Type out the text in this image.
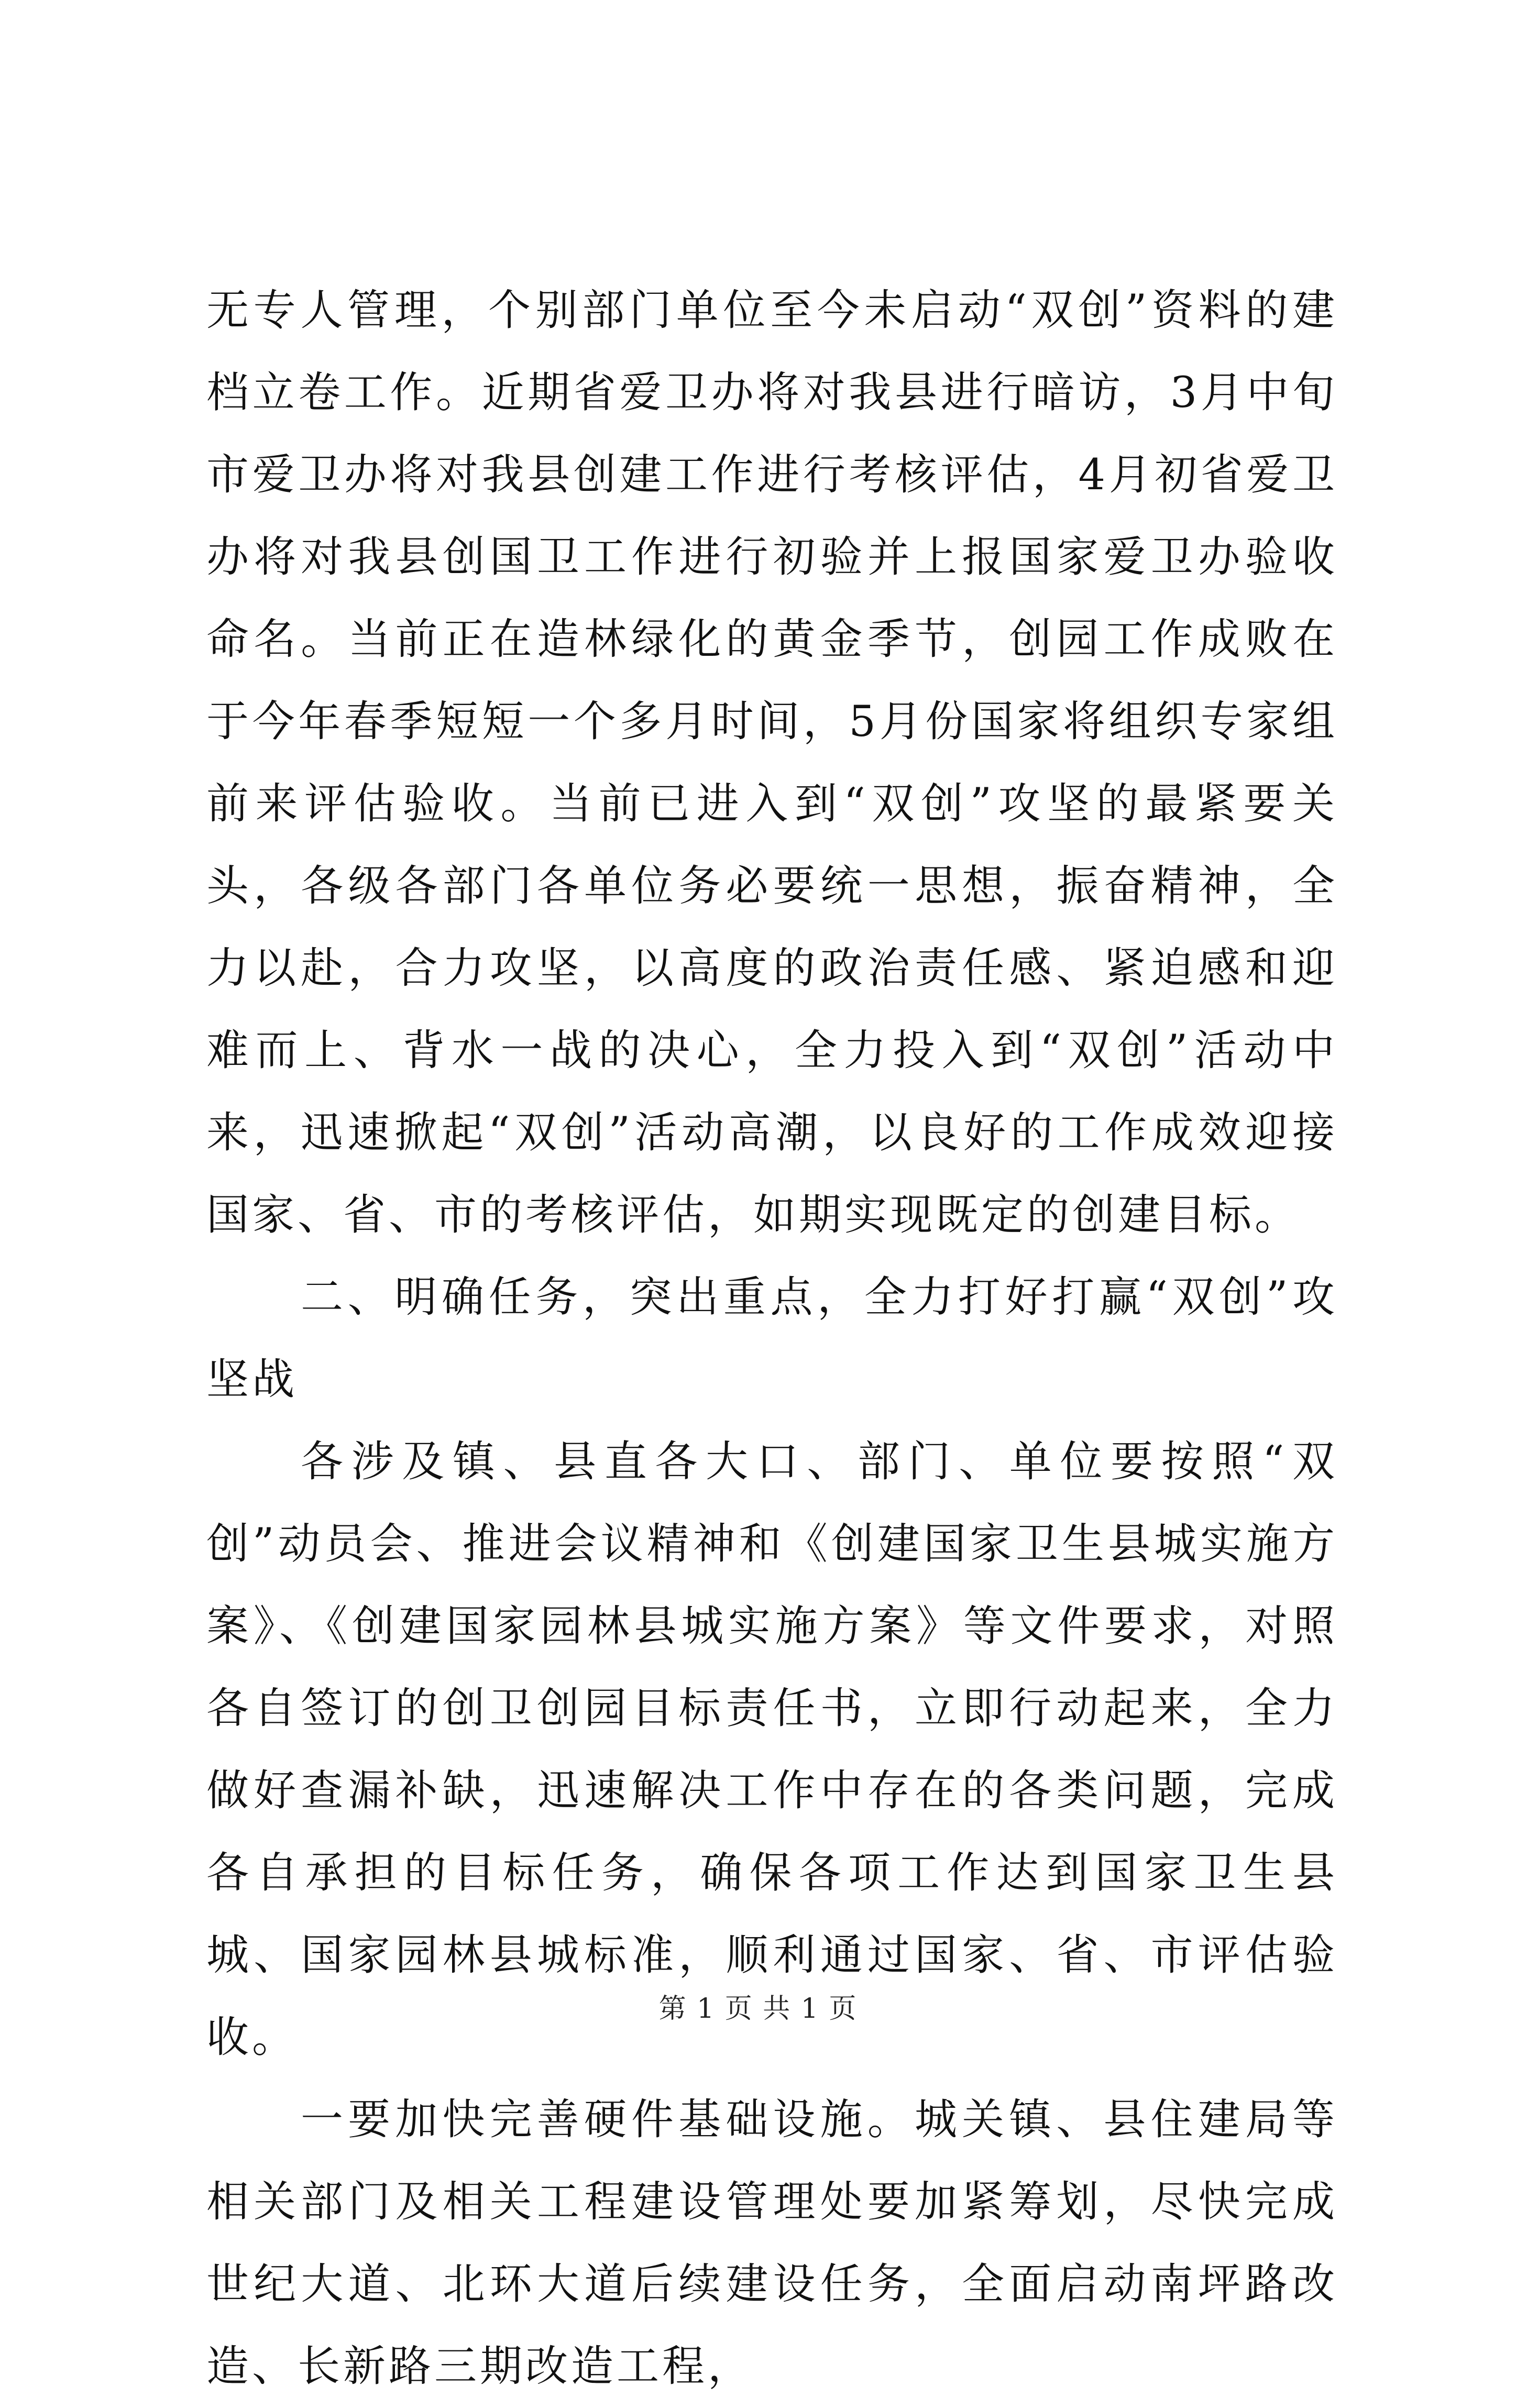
无专人管理，个别部门单位至今未启动“双创”资料的建档立卷工作。近期省爱卫办将对我县进行暗访，3月中旬市爱卫办将对我县创建工作进行考核评估，4月初省爱卫办将对我县创国卫工作进行初验并上报国家爱卫办验收命名。当前正在造林绿化的黄金季节，创园工作成败在于今年春季短短一个多月时间，5月份国家将组织专家组前来评估验收。当前已进入到“双创”攻坚的最紧要关头，各级各部门各单位务必要统一思想，振奋精神，全力以赴，合力攻坚，以高度的政治责任感、紧迫感和迎难而上、背水一战的决心，全力投入到“双创”活动中来，迅速掀起“双创”活动高潮，以良好的工作成效迎接国家、省、市的考核评估，如期实现既定的创建目标。

二、明确任务，突出重点，全力打好打赢“双创”攻坚战

各涉及镇、县直各大口、部门、单位要按照“双创”动员会、推进会议精神和《创建国家卫生县城实施方案》、《创建国家园林县城实施方案》等文件要求，对照各自签订的创卫创园目标责任书，立即行动起来，全力做好查漏补缺，迅速解决工作中存在的各类问题，完成各自承担的目标任务，确保各项工作达到国家卫生县城、国家园林县城标准，顺利通过国家、省、市评估验收。

一要加快完善硬件基础设施。城关镇、县住建局等相关部门及相关工程建设管理处要加紧筹划，尽快完成世纪大道、北环大道后续建设任务，全面启动南坪路改造、长新路三期改造工程，

第 1 页 共 1 页
